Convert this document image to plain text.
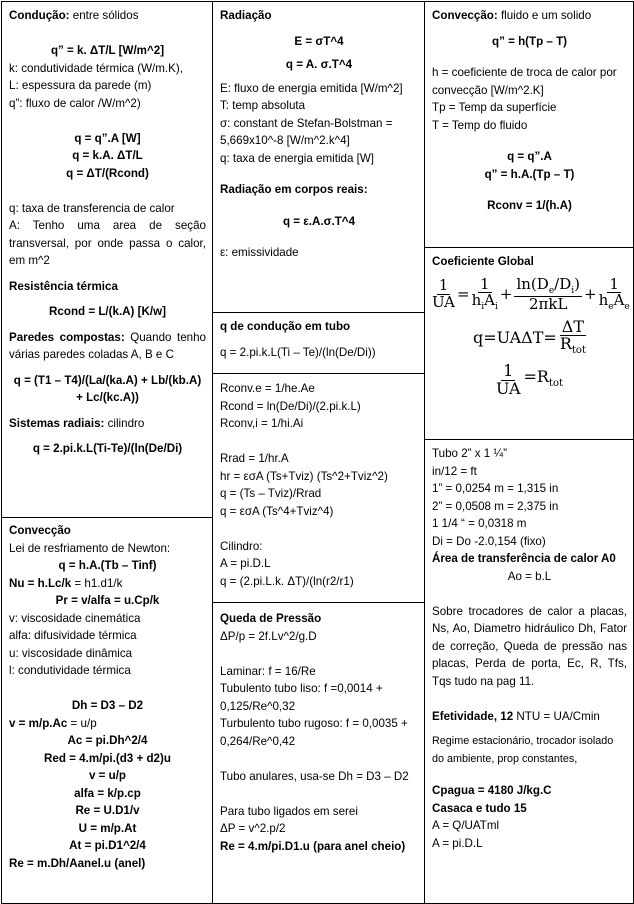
Condução: entre sólidos
q” = k. ΔT/L [W/m^2]
k: condutividade térmica (W/m.K),
L: espessura da parede (m)
q”: fluxo de calor /W/m^2)
q = q”.A [W]
q = k.A. ΔT/L
q = ΔT/(Rcond)
q: taxa de transferencia de calor
A: Tenho uma area de seção transversal, por onde passa o calor, em m^2
Resistência térmica
Rcond = L/(k.A) [K/w]
Paredes compostas: Quando tenho várias paredes coladas A, B e C
q = (T1 – T4)/(La/(ka.A) + Lb/(kb.A) + Lc/(kc.A))
Sistemas radiais: cilindro
q = 2.pi.k.L(Ti-Te)/(ln(De/Di)
Convecção
Lei de resfriamento de Newton:
q = h.A.(Tb – Tinf)
Nu = h.Lc/k = h1.d1/k
Pr = v/alfa = u.Cp/k
v: viscosidade cinemática
alfa: difusividade térmica
u: viscosidade dinâmica
l: condutividade térmica
Dh = D3 – D2
v = m/p.Ac = u/p
Ac = pi.Dh^2/4
Red = 4.m/pi.(d3 + d2)u
v = u/p
alfa = k/p.cp
Re = U.D1/v
U = m/p.At
At = pi.D1^2/4
Re = m.Dh/Aanel.u (anel)
Radiação
E = σT^4
q = A. σ.T^4
E: fluxo de energia emitida [W/m^2]
T: temp absoluta
σ: constant de Stefan-Bolstman = 5,669x10^-8 [W/m^2.k^4]
q: taxa de energia emitida [W]
Radiação em corpos reais:
q = ε.A.σ.T^4
ε: emissividade
q de condução em tubo
q = 2.pi.k.L(Ti – Te)/(ln(De/Di))
Rconv.e = 1/he.Ae
Rcond = ln(De/Di)/(2.pi.k.L)
Rconv,i = 1/hi.Ai
Rrad = 1/hr.A
hr = εσA (Ts+Tviz) (Ts^2+Tviz^2)
q = (Ts – Tviz)/Rrad
q = εσA (Ts^4+Tviz^4)
Cilindro:
A = pi.D.L
q = (2.pi.L.k. ΔT)/(ln(r2/r1)
Queda de Pressão
ΔP/p = 2f.Lv^2/g.D
Laminar: f = 16/Re
Tubulento tubo liso: f =0,0014 + 0,125/Re^0,32
Turbulento tubo rugoso: f = 0,0035 + 0,264/Re^0,42
Tubo anulares, usa-se Dh = D3 – D2
Para tubo ligados em serei
ΔP = v^2.p/2
Re = 4.m/pi.D1.u (para anel cheio)
Convecção: fluido e um solido
q” = h(Tp – T)
h = coeficiente de troca de calor por convecção [W/m^2.K]
Tp = Temp da superfície
T = Temp do fluido
q = q”.A
q” = h.A.(Tp – T)
Rconv = 1/(h.A)
Coeficiente Global
$\frac{1}{UA} = \frac{1}{h_iA_i} + \frac{\ln(D_e/D_i)}{\text{2πkL}} + \frac{1}{h_eA_e}$
$q=UA\Delta T= \frac{\Delta T}{R_{tot}}$
$\frac{1}{UA} =R_{tot}$
Tubo 2” x 1 ¼”
in/12 = ft
1” = 0,0254 m = 1,315 in
2” = 0,0508 m = 2,375 in
1 1/4 “ = 0,0318 m
Di = Do -2.0,154 (fixo)
Área de transferência de calor A0
Ao = b.L
Sobre trocadores de calor a placas, Ns, Ao, Diametro hidráulico Dh, Fator de correção, Queda de pressão nas placas, Perda de porta, Ec, R, Tfs, Tqs tudo na pag 11.
Efetividade, 12 NTU = UA/Cmin
Regime estacionário, trocador isolado do ambiente, prop constantes,
Cpagua = 4180 J/kg.C
Casaca e tudo 15
A = Q/UATml
A = pi.D.L
